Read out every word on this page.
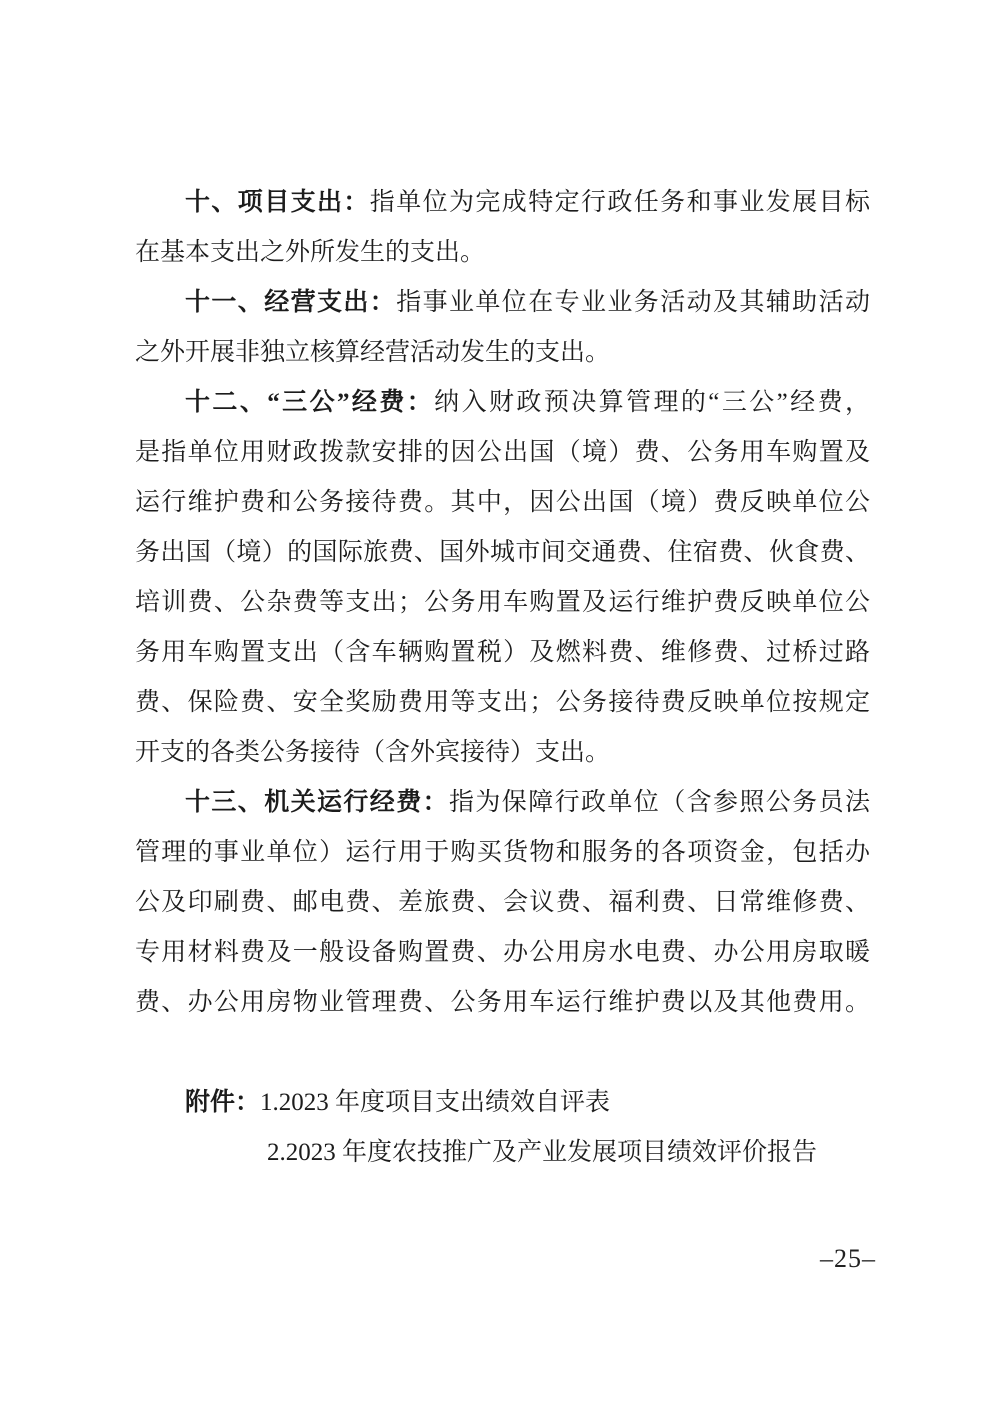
十、项目支出：指单位为完成特定行政任务和事业发展目标
在基本支出之外所发生的支出。
十一、经营支出：指事业单位在专业业务活动及其辅助活动
之外开展非独立核算经营活动发生的支出。
十二、“三公”经费：纳入财政预决算管理的“三公”经费，
是指单位用财政拨款安排的因公出国（境）费、公务用车购置及
运行维护费和公务接待费。其中，因公出国（境）费反映单位公
务出国（境）的国际旅费、国外城市间交通费、住宿费、伙食费、
培训费、公杂费等支出；公务用车购置及运行维护费反映单位公
务用车购置支出（含车辆购置税）及燃料费、维修费、过桥过路
费、保险费、安全奖励费用等支出；公务接待费反映单位按规定
开支的各类公务接待（含外宾接待）支出。
十三、机关运行经费：指为保障行政单位（含参照公务员法
管理的事业单位）运行用于购买货物和服务的各项资金，包括办
公及印刷费、邮电费、差旅费、会议费、福利费、日常维修费、
专用材料费及一般设备购置费、办公用房水电费、办公用房取暖
费、办公用房物业管理费、公务用车运行维护费以及其他费用。
附件：1.2023 年度项目支出绩效自评表
2.2023 年度农技推广及产业发展项目绩效评价报告
–25–
